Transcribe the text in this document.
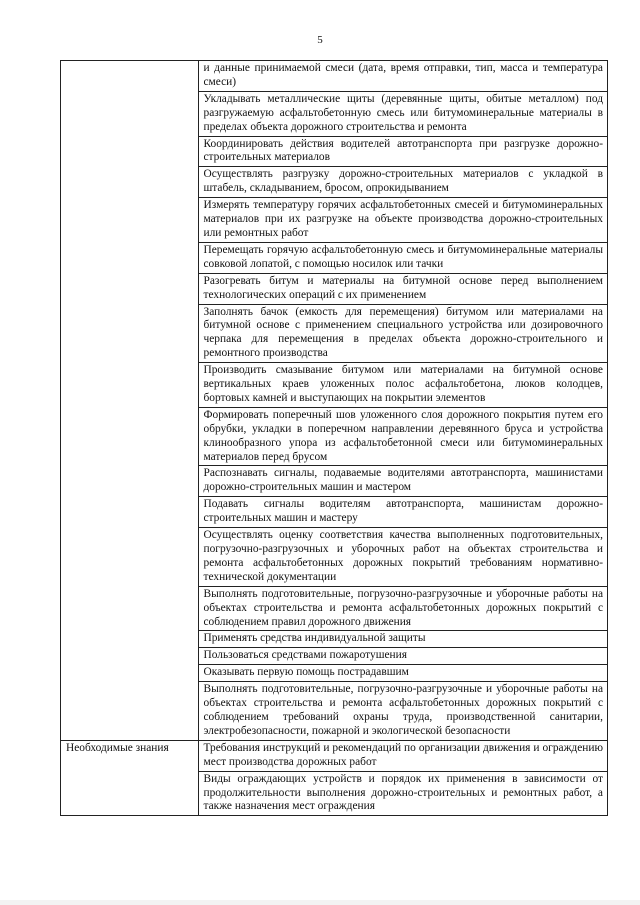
5
	и данные принимаемой смеси (дата, время отправки, тип, масса и температура смеси)
	Укладывать металлические щиты (деревянные щиты, обитые металлом) под разгружаемую асфальтобетонную смесь или битумоминеральные материалы в пределах объекта дорожного строительства и ремонта
	Координировать действия водителей автотранспорта при разгрузке дорожно-строительных материалов
	Осуществлять разгрузку дорожно-строительных материалов с укладкой в штабель, складыванием, бросом, опрокидыванием
	Измерять температуру горячих асфальтобетонных смесей и битумоминеральных материалов при их разгрузке на объекте производства дорожно-строительных или ремонтных работ
	Перемещать горячую асфальтобетонную смесь и битумоминеральные материалы совковой лопатой, с помощью носилок или тачки
	Разогревать битум и материалы на битумной основе перед выполнением технологических операций с их применением
	Заполнять бачок (емкость для перемещения) битумом или материалами на битумной основе с применением специального устройства или дозировочного черпака для перемещения в пределах объекта дорожно-строительного и ремонтного производства
	Производить смазывание битумом или материалами на битумной основе вертикальных краев уложенных полос асфальтобетона, люков колодцев, бортовых камней и выступающих на покрытии элементов
	Формировать поперечный шов уложенного слоя дорожного покрытия путем его обрубки, укладки в поперечном направлении деревянного бруса и устройства клинообразного упора из асфальтобетонной смеси или битумоминеральных материалов перед брусом
	Распознавать сигналы, подаваемые водителями автотранспорта, машинистами дорожно-строительных машин и мастером
	Подавать сигналы водителям автотранспорта, машинистам дорожно-строительных машин и мастеру
	Осуществлять оценку соответствия качества выполненных подготовительных, погрузочно-разгрузочных и уборочных работ на объектах строительства и ремонта асфальтобетонных дорожных покрытий требованиям нормативно-технической документации
	Выполнять подготовительные, погрузочно-разгрузочные и уборочные работы на объектах строительства и ремонта асфальтобетонных дорожных покрытий с соблюдением правил дорожного движения
	Применять средства индивидуальной защиты
	Пользоваться средствами пожаротушения
	Оказывать первую помощь пострадавшим
	Выполнять подготовительные, погрузочно-разгрузочные и уборочные работы на объектах строительства и ремонта асфальтобетонных дорожных покрытий с соблюдением требований охраны труда, производственной санитарии, электробезопасности, пожарной и экологической безопасности
Необходимые знания	Требования инструкций и рекомендаций по организации движения и ограждению мест производства дорожных работ
	Виды ограждающих устройств и порядок их применения в зависимости от продолжительности выполнения дорожно-строительных и ремонтных работ, а также назначения мест ограждения
